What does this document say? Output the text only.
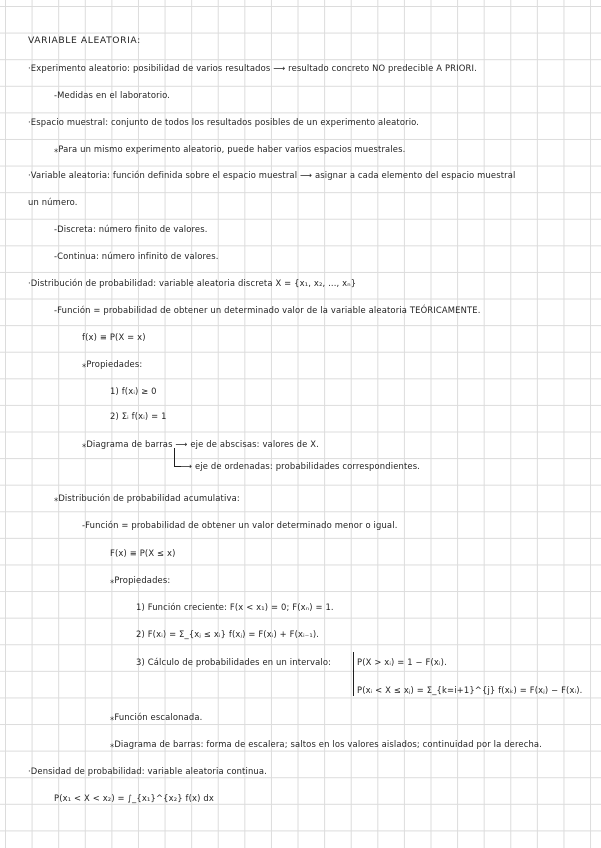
VARIABLE ALEATORIA:
·Experimento aleatorio: posibilidad de varios resultados ⟶ resultado concreto NO predecible A PRIORI.
-Medidas en el laboratorio.
·Espacio muestral: conjunto de todos los resultados posibles de un experimento aleatorio.
⁎Para un mismo experimento aleatorio, puede haber varios espacios muestrales.
·Variable aleatoria: función definida sobre el espacio muestral ⟶ asignar a cada elemento del espacio muestral
un número.
-Discreta: número finito de valores.
-Continua: número infinito de valores.
·Distribución de probabilidad: variable aleatoria discreta X = {x₁, x₂, ..., xₙ}
-Función = probabilidad de obtener un determinado valor de la variable aleatoria TEÓRICAMENTE.
f(x) ≡ P(X = x)
⁎Propiedades:
1) f(xᵢ) ≥ 0
2) Σᵢ f(xᵢ) = 1
⁎Diagrama de barras ⟶ eje de abscisas: valores de X.
⟶ eje de ordenadas: probabilidades correspondientes.
⁎Distribución de probabilidad acumulativa:
-Función = probabilidad de obtener un valor determinado menor o igual.
F(x) ≡ P(X ≤ x)
⁎Propiedades:
1) Función creciente: F(x < x₁) = 0; F(xₙ) = 1.
2) F(xᵢ) = Σ_{xⱼ ≤ xᵢ} f(xⱼ) = F(xᵢ) + F(xᵢ₋₁).
3) Cálculo de probabilidades en un intervalo:	P(X > xᵢ) = 1 − F(xᵢ).
P(xᵢ < X ≤ xⱼ) = Σ_{k=i+1}^{j} f(xₖ) = F(xⱼ) − F(xᵢ).
⁎Función escalonada.
⁎Diagrama de barras: forma de escalera; saltos en los valores aislados; continuidad por la derecha.
·Densidad de probabilidad: variable aleatoria continua.
P(x₁ < X < x₂) = ∫_{x₁}^{x₂} f(x) dx
